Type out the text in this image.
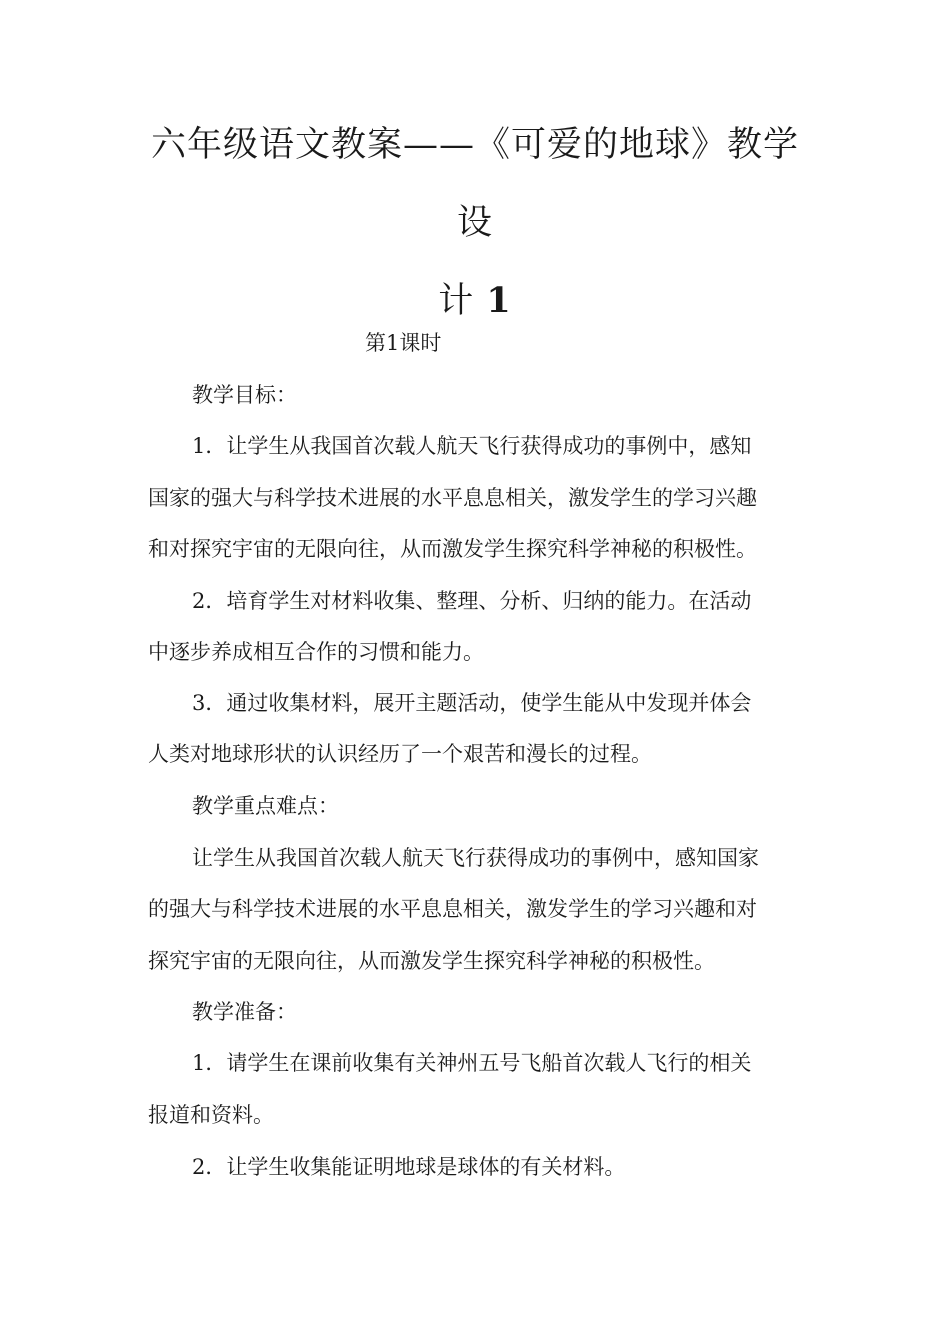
六年级语文教案——《可爱的地球》教学设
计 1

第1课时

教学目标：

1．让学生从我国首次载人航天飞行获得成功的事例中，感知

国家的强大与科学技术进展的水平息息相关，激发学生的学习兴趣

和对探究宇宙的无限向往，从而激发学生探究科学神秘的积极性。

2．培育学生对材料收集、整理、分析、归纳的能力。在活动

中逐步养成相互合作的习惯和能力。

3．通过收集材料，展开主题活动，使学生能从中发现并体会

人类对地球形状的认识经历了一个艰苦和漫长的过程。

教学重点难点：

让学生从我国首次载人航天飞行获得成功的事例中，感知国家

的强大与科学技术进展的水平息息相关，激发学生的学习兴趣和对

探究宇宙的无限向往，从而激发学生探究科学神秘的积极性。

教学准备：

1．请学生在课前收集有关神州五号飞船首次载人飞行的相关

报道和资料。

2．让学生收集能证明地球是球体的有关材料。
